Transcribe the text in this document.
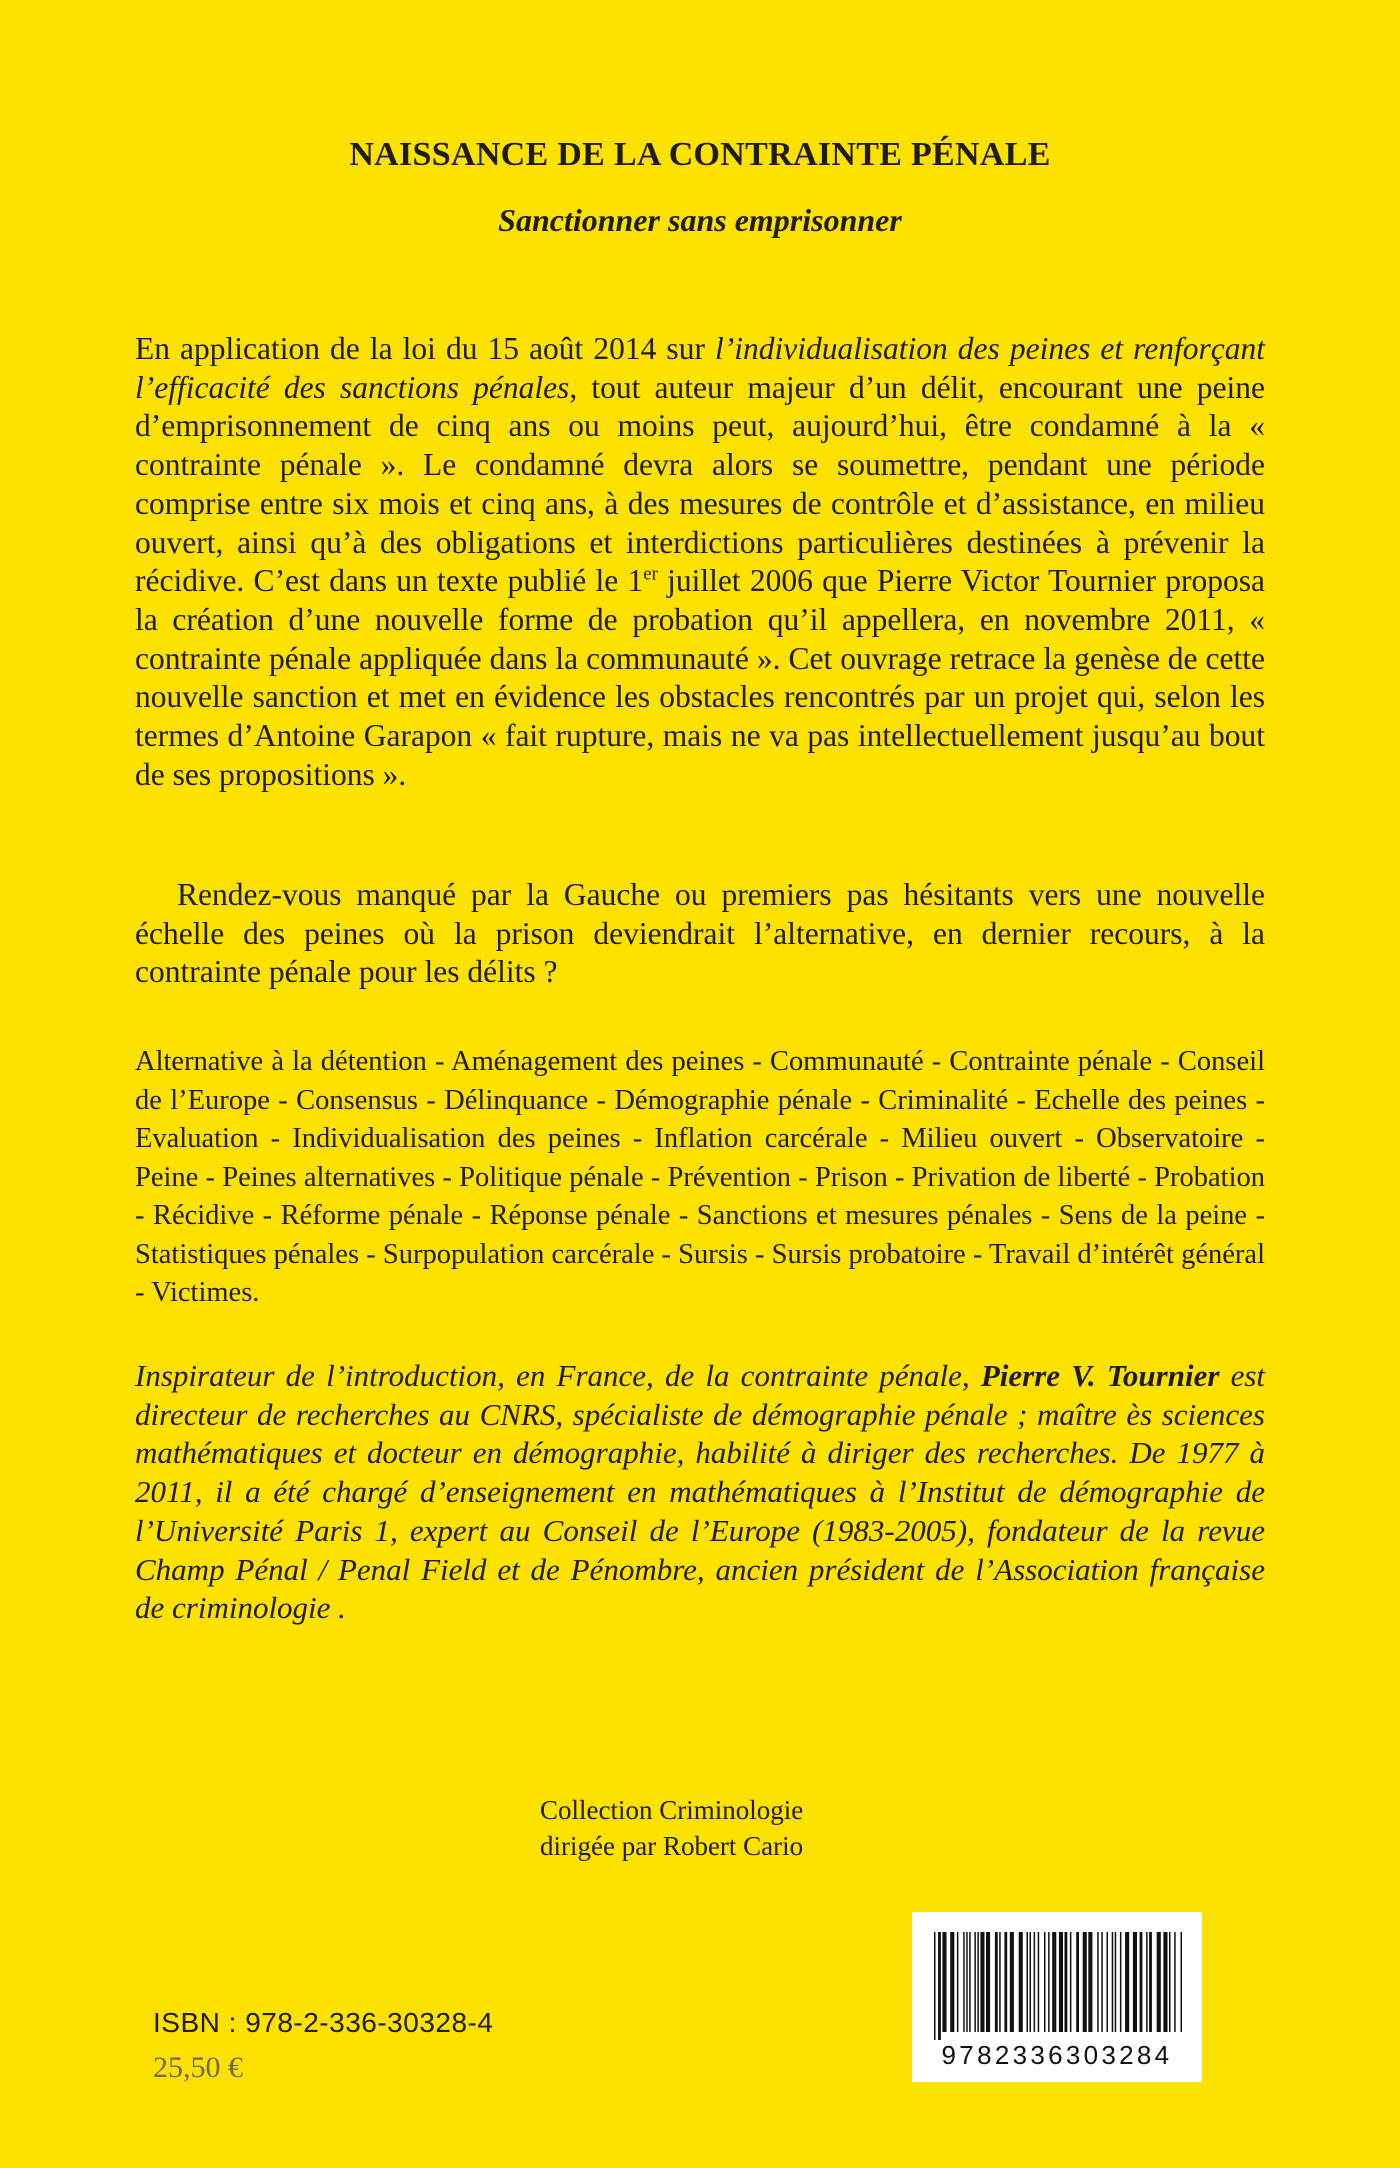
NAISSANCE DE LA CONTRAINTE PÉNALE
Sanctionner sans emprisonner
En application de la loi du 15 août 2014 sur l’individualisation des peines et renforçant l’efficacité des sanctions pénales, tout auteur majeur d’un délit, encourant une peine d’emprisonnement de cinq ans ou moins peut, aujourd’hui, être condamné à la « contrainte pénale ». Le condamné devra alors se soumettre, pendant une période comprise entre six mois et cinq ans, à des mesures de contrôle et d’assistance, en milieu ouvert, ainsi qu’à des obligations et interdictions particulières destinées à prévenir la récidive. C’est dans un texte publié le 1er juillet 2006 que Pierre Victor Tournier proposa la création d’une nouvelle forme de probation qu’il appellera, en novembre 2011, « contrainte pénale appliquée dans la communauté ». Cet ouvrage retrace la genèse de cette nouvelle sanction et met en évidence les obstacles rencontrés par un projet qui, selon les termes d’Antoine Garapon « fait rupture, mais ne va pas intellectuellement jusqu’au bout de ses propositions ».
Rendez-vous manqué par la Gauche ou premiers pas hésitants vers une nouvelle échelle des peines où la prison deviendrait l’alternative, en dernier recours, à la contrainte pénale pour les délits ?
Alternative à la détention - Aménagement des peines - Communauté - Contrainte pénale - Conseil de l’Europe - Consensus - Délinquance - Démographie pénale - Criminalité - Echelle des peines - Evaluation - Individualisation des peines - Inflation carcérale - Milieu ouvert - Observatoire - Peine - Peines alternatives - Politique pénale - Prévention - Prison - Privation de liberté - Probation - Récidive - Réforme pénale - Réponse pénale - Sanctions et mesures pénales - Sens de la peine - Statistiques pénales - Surpopulation carcérale - Sursis - Sursis probatoire - Travail d’intérêt général - Victimes.
Inspirateur de l’introduction, en France, de la contrainte pénale, Pierre V. Tournier est directeur de recherches au CNRS, spécialiste de démographie pénale ; maître ès sciences mathématiques et docteur en démographie, habilité à diriger des recherches. De 1977 à 2011, il a été chargé d’enseignement en mathématiques à l’Institut de démographie de l’Université Paris 1, expert au Conseil de l’Europe (1983-2005), fondateur de la revue Champ Pénal / Penal Field et de Pénombre, ancien président de l’Association française de criminologie .
Collection Criminologie
dirigée par Robert Cario
ISBN : 978-2-336-30328-4
25,50 €	9782336303284
